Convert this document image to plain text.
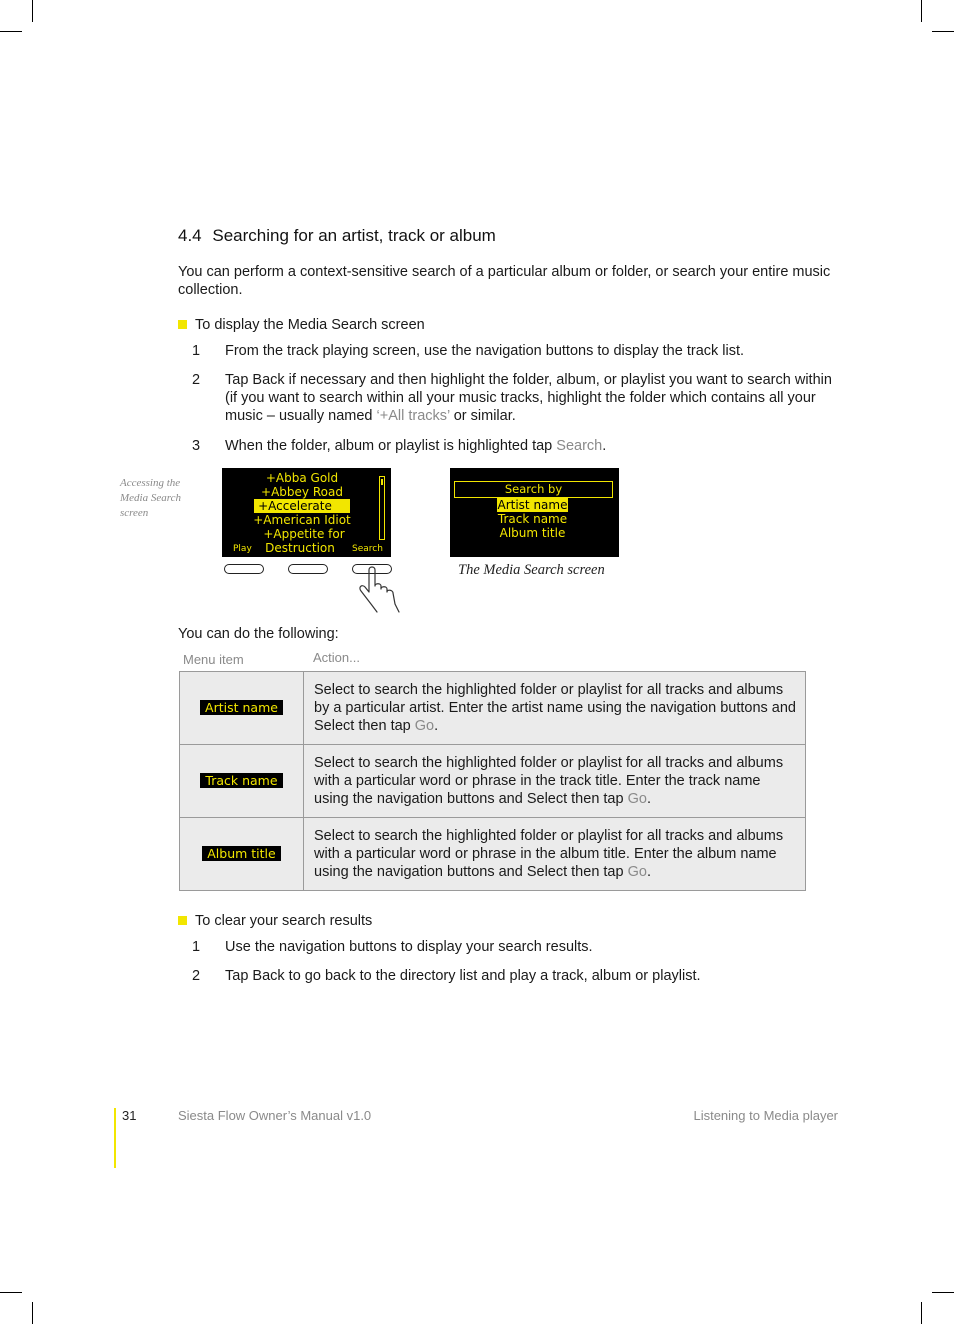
4.4 Searching for an artist, track or album
You can perform a context-sensitive search of a particular album or folder, or search your entire music collection.
To display the Media Search screen
1 From the track playing screen, use the navigation buttons to display the track list.
2 Tap Back if necessary and then highlight the folder, album, or playlist you want to search within (if you want to search within all your music tracks, highlight the folder which contains all your music – usually named ‘+All tracks’ or similar.
3 When the folder, album or playlist is highlighted tap Search.
Accessing the Media Search screen
+Abba Gold
+Abbey Road
+Accelerate
+American Idiot
+Appetite for Destruction
Play	Search
Search by
Artist name
Track name
Album title
The Media Search screen
You can do the following:
Menu item	Action...
Artist name	Select to search the highlighted folder or playlist for all tracks and albums by a particular artist. Enter the artist name using the navigation buttons and Select then tap Go.
Track name	Select to search the highlighted folder or playlist for all tracks and albums with a particular word or phrase in the track title. Enter the track name using the navigation buttons and Select then tap Go.
Album title	Select to search the highlighted folder or playlist for all tracks and albums with a particular word or phrase in the album title. Enter the album name using the navigation buttons and Select then tap Go.
To clear your search results
1 Use the navigation buttons to display your search results.
2 Tap Back to go back to the directory list and play a track, album or playlist.
31	Siesta Flow Owner’s Manual v1.0	Listening to Media player
